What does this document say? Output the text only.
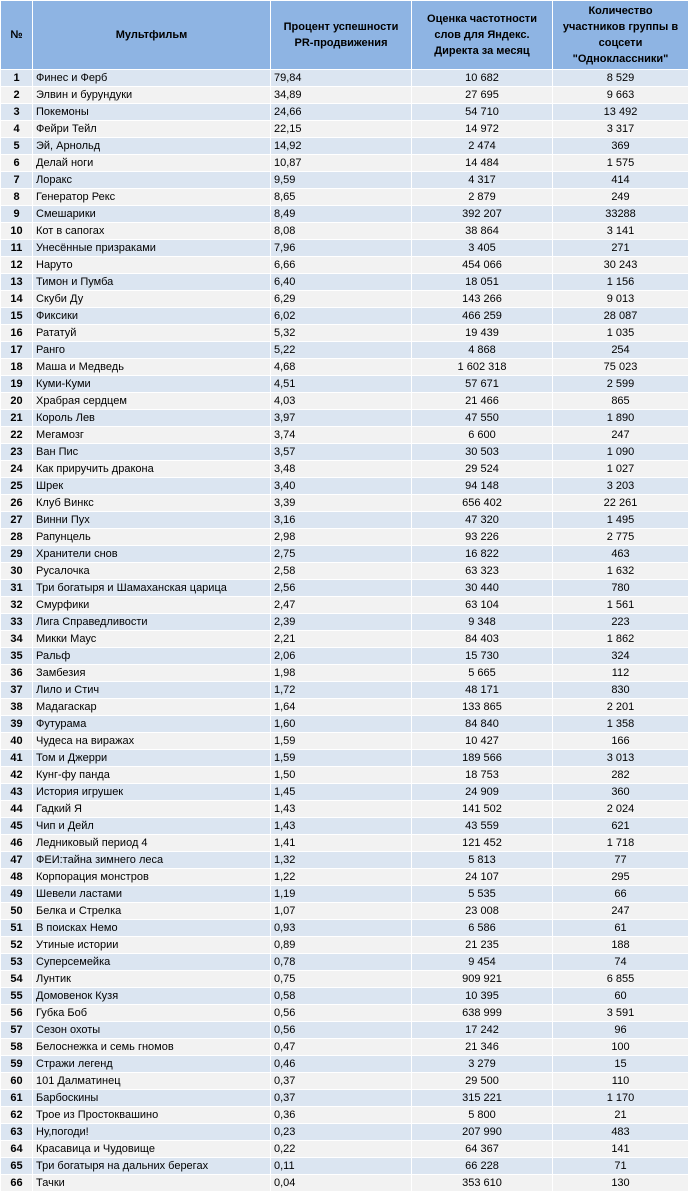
№	Мультфильм	Процент успешности PR-продвижения	Оценка частотности слов для Яндекс. Директа за месяц	Количество участников группы в соцсети "Одноклассники"
1	Финес и Ферб	79,84	10 682	8 529
2	Элвин и бурундуки	34,89	27 695	9 663
3	Покемоны	24,66	54 710	13 492
4	Фейри Тейл	22,15	14 972	3 317
5	Эй, Арнольд	14,92	2 474	369
6	Делай ноги	10,87	14 484	1 575
7	Лоракс	9,59	4 317	414
8	Генератор Рекс	8,65	2 879	249
9	Смешарики	8,49	392 207	33288
10	Кот в сапогах	8,08	38 864	3 141
11	Унесённые призраками	7,96	3 405	271
12	Наруто	6,66	454 066	30 243
13	Тимон и Пумба	6,40	18 051	1 156
14	Скуби Ду	6,29	143 266	9 013
15	Фиксики	6,02	466 259	28 087
16	Рататуй	5,32	19 439	1 035
17	Ранго	5,22	4 868	254
18	Маша и Медведь	4,68	1 602 318	75 023
19	Куми-Куми	4,51	57 671	2 599
20	Храбрая сердцем	4,03	21 466	865
21	Король Лев	3,97	47 550	1 890
22	Мегамозг	3,74	6 600	247
23	Ван Пис	3,57	30 503	1 090
24	Как приручить дракона	3,48	29 524	1 027
25	Шрек	3,40	94 148	3 203
26	Клуб Винкс	3,39	656 402	22 261
27	Винни Пух	3,16	47 320	1 495
28	Рапунцель	2,98	93 226	2 775
29	Хранители снов	2,75	16 822	463
30	Русалочка	2,58	63 323	1 632
31	Три богатыря и Шамаханская царица	2,56	30 440	780
32	Смурфики	2,47	63 104	1 561
33	Лига Справедливости	2,39	9 348	223
34	Микки Маус	2,21	84 403	1 862
35	Ральф	2,06	15 730	324
36	Замбезия	1,98	5 665	112
37	Лило и Стич	1,72	48 171	830
38	Мадагаскар	1,64	133 865	2 201
39	Футурама	1,60	84 840	1 358
40	Чудеса на виражах	1,59	10 427	166
41	Том и Джерри	1,59	189 566	3 013
42	Кунг-фу панда	1,50	18 753	282
43	История игрушек	1,45	24 909	360
44	Гадкий Я	1,43	141 502	2 024
45	Чип и Дейл	1,43	43 559	621
46	Ледниковый период 4	1,41	121 452	1 718
47	ФЕИ:тайна зимнего леса	1,32	5 813	77
48	Корпорация монстров	1,22	24 107	295
49	Шевели ластами	1,19	5 535	66
50	Белка и Стрелка	1,07	23 008	247
51	В поисках Немо	0,93	6 586	61
52	Утиные истории	0,89	21 235	188
53	Суперсемейка	0,78	9 454	74
54	Лунтик	0,75	909 921	6 855
55	Домовенок Кузя	0,58	10 395	60
56	Губка Боб	0,56	638 999	3 591
57	Сезон охоты	0,56	17 242	96
58	Белоснежка и семь гномов	0,47	21 346	100
59	Стражи легенд	0,46	3 279	15
60	101 Далматинец	0,37	29 500	110
61	Барбоскины	0,37	315 221	1 170
62	Трое из Простоквашино	0,36	5 800	21
63	Ну,погоди!	0,23	207 990	483
64	Красавица и Чудовище	0,22	64 367	141
65	Три богатыря на дальних берегах	0,11	66 228	71
66	Тачки	0,04	353 610	130
